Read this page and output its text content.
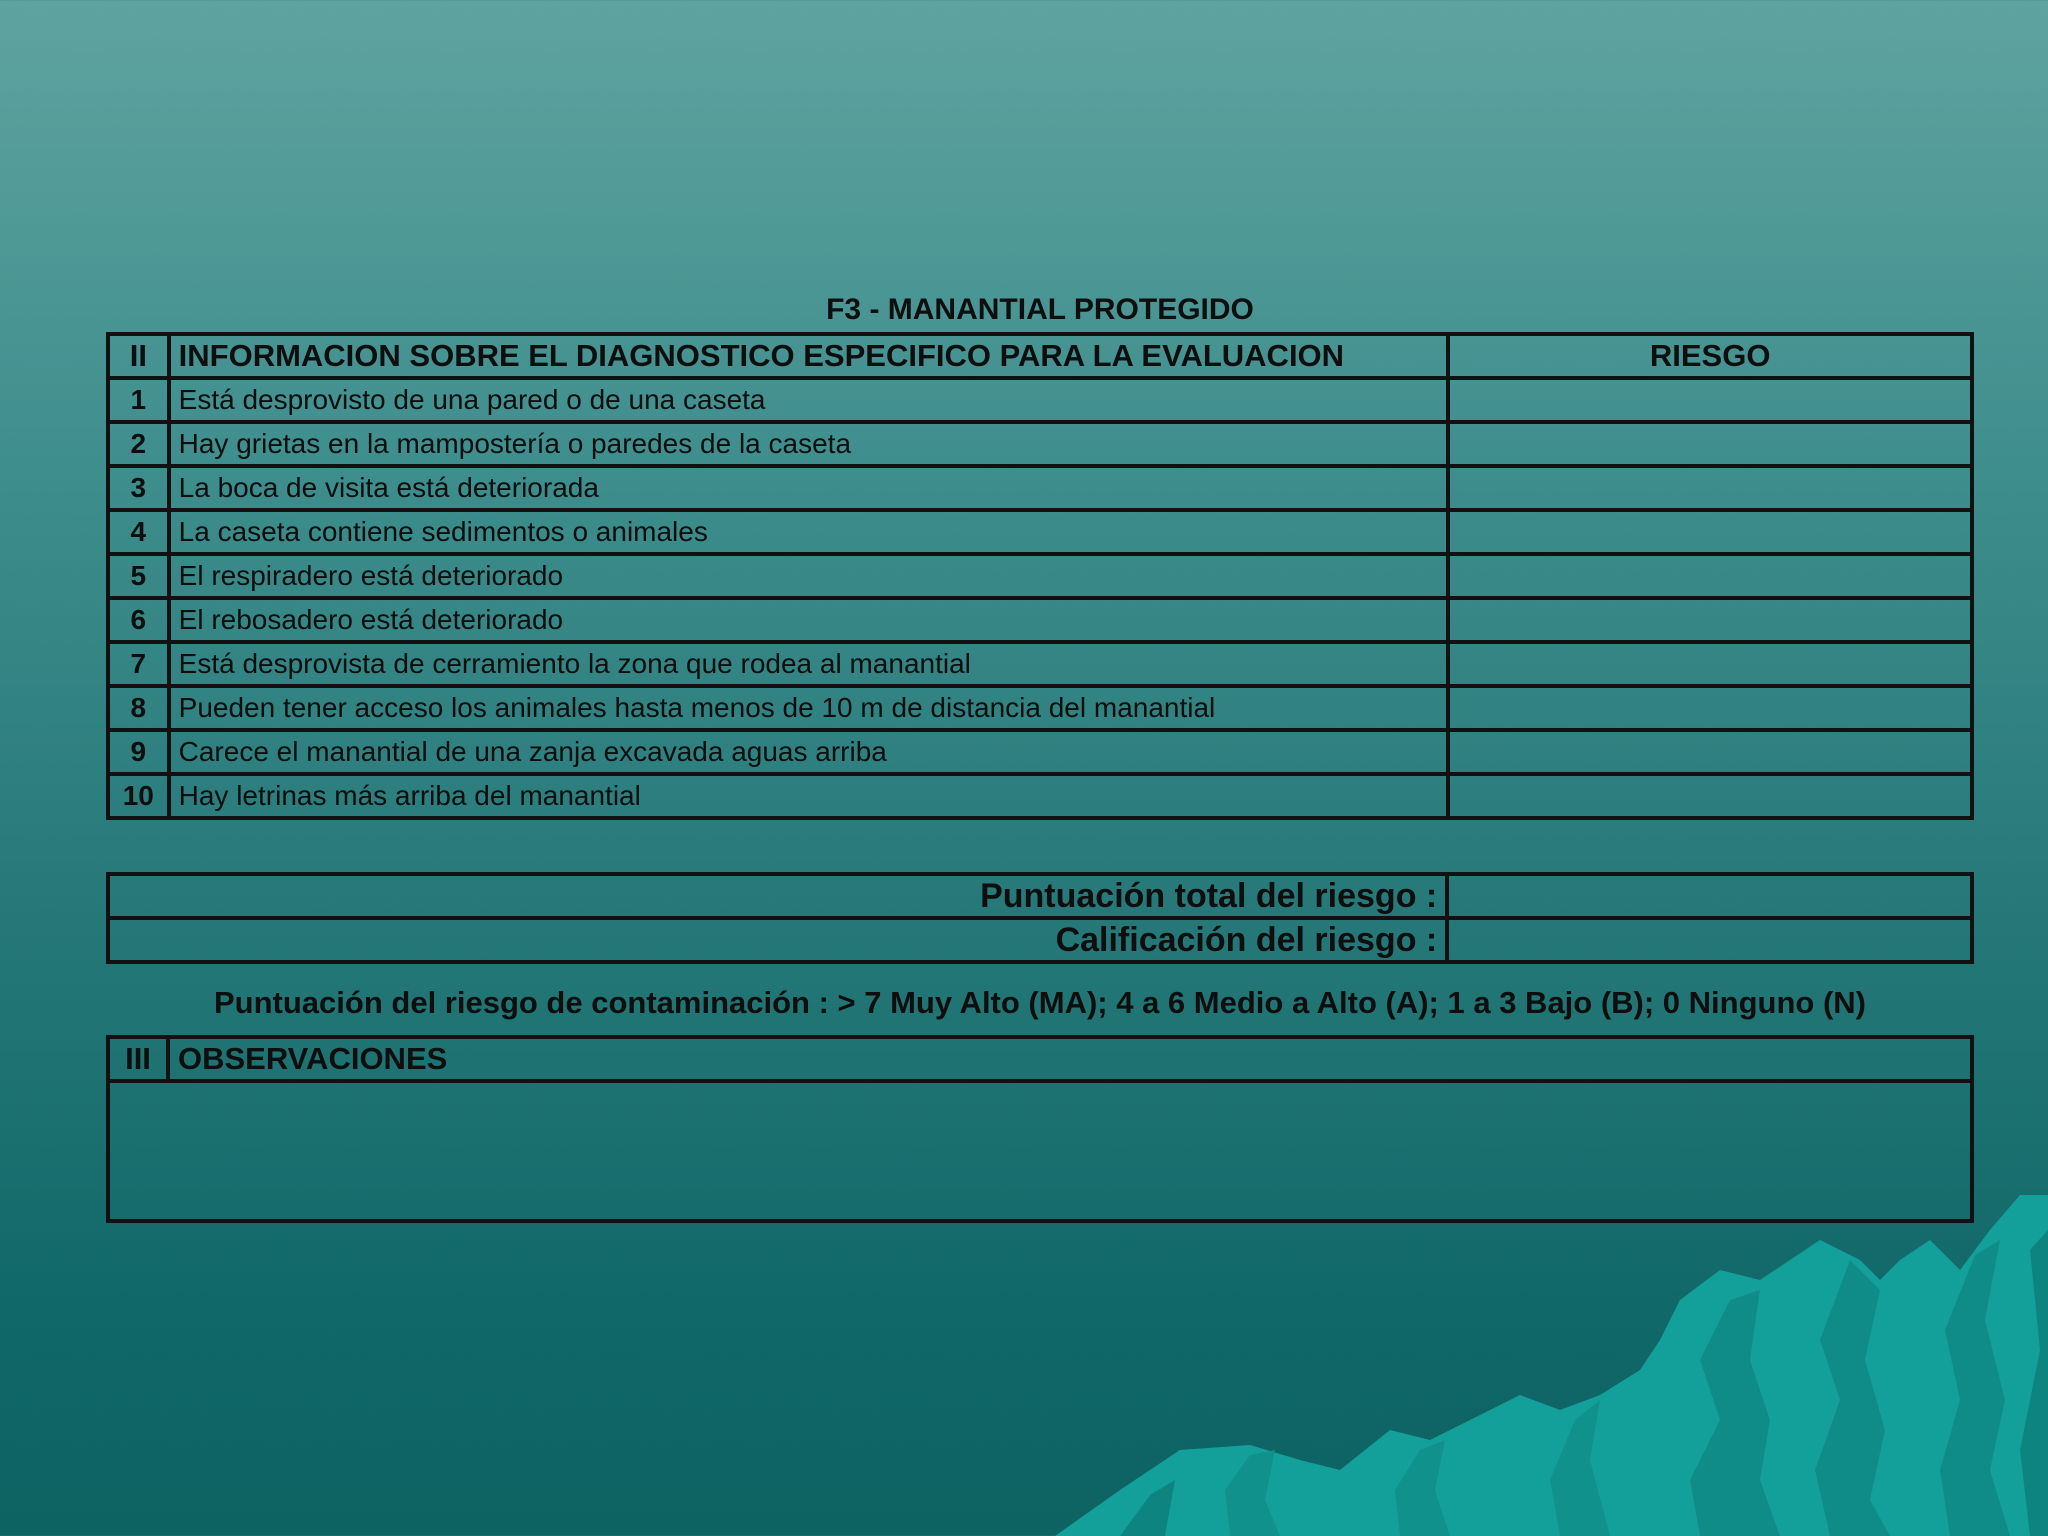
F3 - MANANTIAL PROTEGIDO
II	INFORMACION SOBRE EL DIAGNOSTICO ESPECIFICO PARA LA EVALUACION	RIESGO
1	Está desprovisto de una pared o de una caseta	
2	Hay grietas en la mampostería o paredes de la caseta	
3	La boca de visita está deteriorada	
4	La caseta contiene sedimentos o animales	
5	El respiradero está deteriorado	
6	El rebosadero está deteriorado	
7	Está desprovista de cerramiento la zona que rodea al manantial	
8	Pueden tener acceso los animales hasta menos de 10 m de distancia del manantial	
9	Carece el manantial de una zanja excavada aguas arriba	
10	Hay letrinas más arriba del manantial	
Puntuación total del riesgo :	
Calificación del riesgo :	
Puntuación del riesgo de contaminación : > 7 Muy Alto (MA); 4 a 6 Medio a Alto (A); 1 a 3 Bajo (B); 0 Ninguno (N)
III	OBSERVACIONES
